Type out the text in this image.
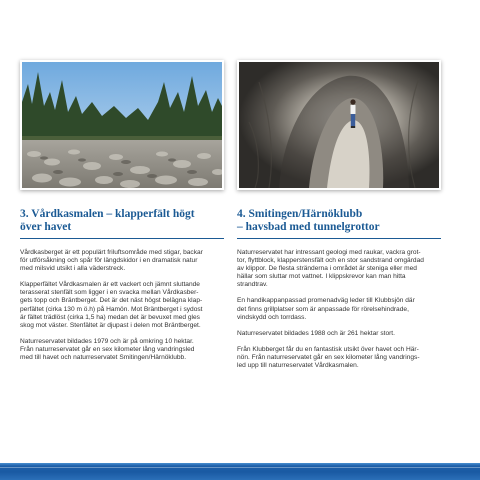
3. Vårdkasmalen – klapperfält högt
över havet

Vårdkasberget är ett populärt friluftsområde med stigar, backar
för utförsåkning och spår för längdskidor i en dramatisk natur
med milsvid utsikt i alla väderstreck.

Klapperfältet Vårdkasmalen är ett vackert och jämnt sluttande
terasserat stenfält som ligger i en svacka mellan Vårdkasber-
gets topp och Bräntberget. Det är det näst högst belägna klap-
perfältet (cirka 130 m ö.h) på Hamön. Mot Bräntberget i sydost
är fältet trädlöst (cirka 1,5 ha) medan det är bevuxet med gles
skog mot väster. Stenfältet är djupast i delen mot Bräntberget.

Naturreservatet bildades 1979 och är på omkring 10 hektar.
Från naturreservatet går en sex kilometer lång vandringsled
med till havet och naturreservatet Smitingen/Härnöklubb.

4. Smitingen/Härnöklubb
– havsbad med tunnelgrottor

Naturreservatet har intressant geologi med raukar, vackra grot-
tor, flyttblock, klapperstensfält och en stor sandstrand omgärdad
av klippor. De flesta stränderna i området är steniga eller med
hällar som sluttar mot vattnet. I klippskrevor kan man hitta
strandtrav.

En handikappanpassad promenadväg leder till Klubbsjön där
det finns grillplatser som är anpassade för rörelsehindrade,
vindskydd och torrdass.

Naturreservatet bildades 1988 och är 261 hektar stort.

Från Klubberget får du en fantastisk utsikt över havet och Här-
nön. Från naturreservatet går en sex kilometer lång vandrings-
led upp till naturreservatet Vårdkasmalen.
